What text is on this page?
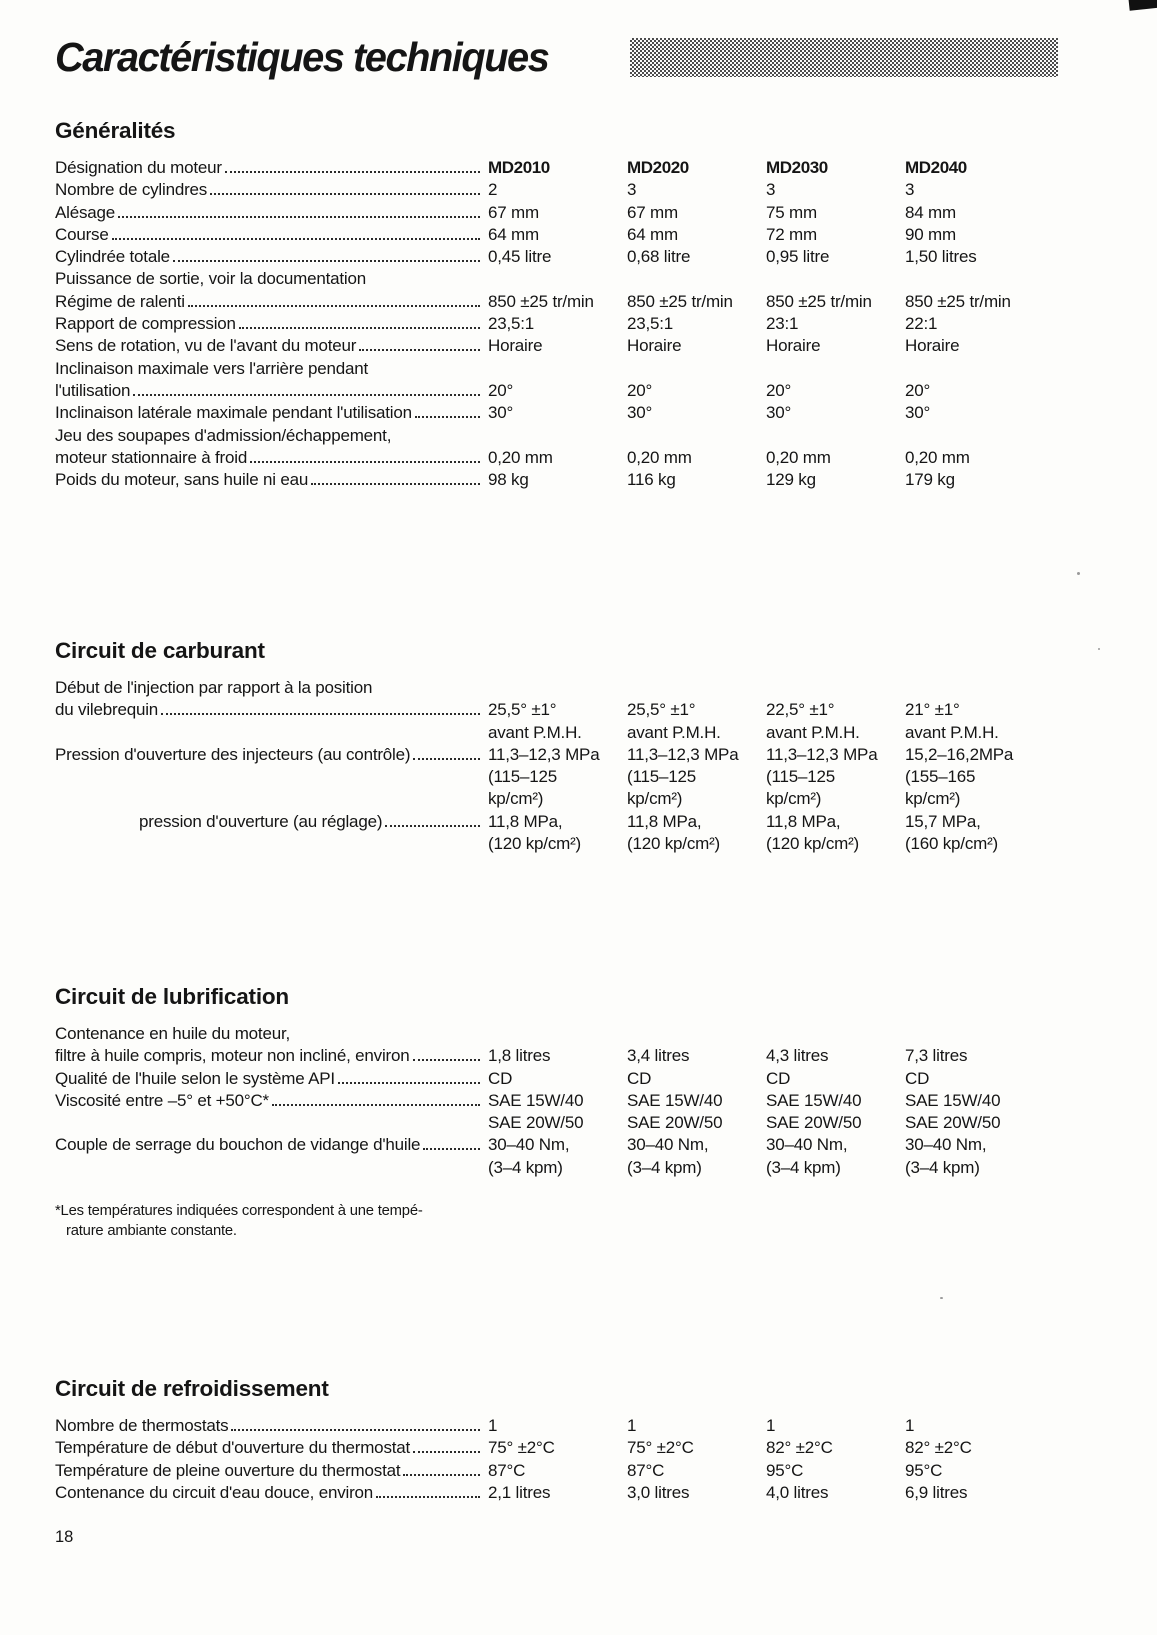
Caractéristiques techniques
Généralités
Désignation du moteur	MD2010	MD2020	MD2030	MD2040
Nombre de cylindres	2	3	3	3
Alésage	67 mm	67 mm	75 mm	84 mm
Course	64 mm	64 mm	72 mm	90 mm
Cylindrée totale	0,45 litre	0,68 litre	0,95 litre	1,50 litres
Puissance de sortie, voir la documentation
Régime de ralenti	850 ±25 tr/min	850 ±25 tr/min	850 ±25 tr/min	850 ±25 tr/min
Rapport de compression	23,5:1	23,5:1	23:1	22:1
Sens de rotation, vu de l'avant du moteur	Horaire	Horaire	Horaire	Horaire
Inclinaison maximale vers l'arrière pendant
l'utilisation	20°	20°	20°	20°
Inclinaison latérale maximale pendant l'utilisation	30°	30°	30°	30°
Jeu des soupapes d'admission/échappement,
moteur stationnaire à froid	0,20 mm	0,20 mm	0,20 mm	0,20 mm
Poids du moteur, sans huile ni eau	98 kg	116 kg	129 kg	179 kg
Circuit de carburant
Début de l'injection par rapport à la position
du vilebrequin	25,5° ±1°	25,5° ±1°	22,5° ±1°	21° ±1°
avant P.M.H.	avant P.M.H.	avant P.M.H.	avant P.M.H.
Pression d'ouverture des injecteurs (au contrôle)	11,3–12,3 MPa	11,3–12,3 MPa	11,3–12,3 MPa	15,2–16,2MPa
(115–125	(115–125	(115–125	(155–165
kp/cm²)	kp/cm²)	kp/cm²)	kp/cm²)
pression d'ouverture (au réglage)	11,8 MPa,	11,8 MPa,	11,8 MPa,	15,7 MPa,
(120 kp/cm²)	(120 kp/cm²)	(120 kp/cm²)	(160 kp/cm²)
Circuit de lubrification
Contenance en huile du moteur,
filtre à huile compris, moteur non incliné, environ	1,8 litres	3,4 litres	4,3 litres	7,3 litres
Qualité de l'huile selon le système API	CD	CD	CD	CD
Viscosité entre –5° et +50°C*	SAE 15W/40	SAE 15W/40	SAE 15W/40	SAE 15W/40
SAE 20W/50	SAE 20W/50	SAE 20W/50	SAE 20W/50
Couple de serrage du bouchon de vidange d'huile	30–40 Nm,	30–40 Nm,	30–40 Nm,	30–40 Nm,
(3–4 kpm)	(3–4 kpm)	(3–4 kpm)	(3–4 kpm)
*Les températures indiquées correspondent à une tempé-
rature ambiante constante.
Circuit de refroidissement
Nombre de thermostats	1	1	1	1
Température de début d'ouverture du thermostat	75° ±2°C	75° ±2°C	82° ±2°C	82° ±2°C
Température de pleine ouverture du thermostat	87°C	87°C	95°C	95°C
Contenance du circuit d'eau douce, environ	2,1 litres	3,0 litres	4,0 litres	6,9 litres
18
